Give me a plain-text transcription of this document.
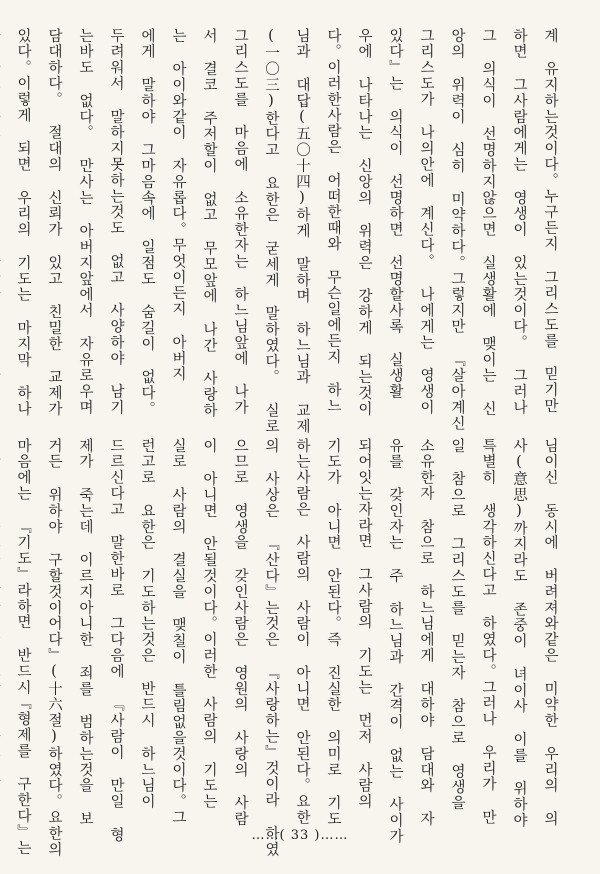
계 유지하는것이다。누구든지 그리스도를 믿기만
하면 그사람에게는 영생이 있는것이다。 그러나
그 의식이 선명하지않으면 실생활에 맺이는 신
앙의 위력이 심히 미약하다。그렇지만 『살아계신
그리스도가 나의안에 계신다。 나에게는 영생이
있다』는 의식이 선명하면 선명할사록 실생활
우에 나타나는 신앙의 위력은 강하게 되는것이
다。이러한사람은 어떠한때와 무슨일에든지 하느
님과 대답(五〇十四)하게 말하며 하느님과 교제
(一〇三)한다고 요한은 굳세게 말하였다。 실로
그리스도를 마음에 소유한자는 하느님앞에 나가
서 결코 주저할이 없고 무모앞에 나간 사랑하
는 아이와같이 자유롭다。무엇이든지 아버지
에게 말하야 그마음속에 일점도 숨길이 없다。
두려워서 말하지못하는것도 없고 사양하야 남기
는바도 없다。 만사는 아버지앞에서 자유로우며
담대하다。 절대의 신뢰가 있고 친밀한 교제가
있다。이렇게 되면 우리의 기도는 마지막 하나
님이신 동시에 버려져와같은 미약한 우리의 의
사(意思)까지라도 존중이 녀이사 이를 위하야
특별히 생각하신다고 하였다。그러나 우리가 만
일 참으로 그리스도를 믿는자 참으로 영생을
소유한자 참으로 하느님에게 대하야 담대와 자
유를 갖인자는 주 하느님과 간격이 없는 사이가
되어잇는자라면 그사람의 기도는 먼저 사람의
기도가 아니면 안된다。즉 진실한 의미로 기도
하는사람은 사람의 사람이 아니면 안된다。요한
의 사상은 『산다』는것은 『사랑하는』것이라 하였
으므로 영생을 갖인사람은 영원의 사랑의 사람
이 아니면 안될것이다。이러한 사람의 기도는
실로 사람의 결실을 맺칠이 틀림없을것이다。그
런고로 요한은 기도하는것은 반드시 하느님이
드르신다고 말한바로 그다음에 『사람이 만일 형
제가 죽는데 이르지아니한 죄를 범하는것을 보
거든 위하야 구할것이어다』(十六절)하였다。요한의
마음에는 『기도』라하면 반드시『형제를 구한다』는	……( 33 )……
